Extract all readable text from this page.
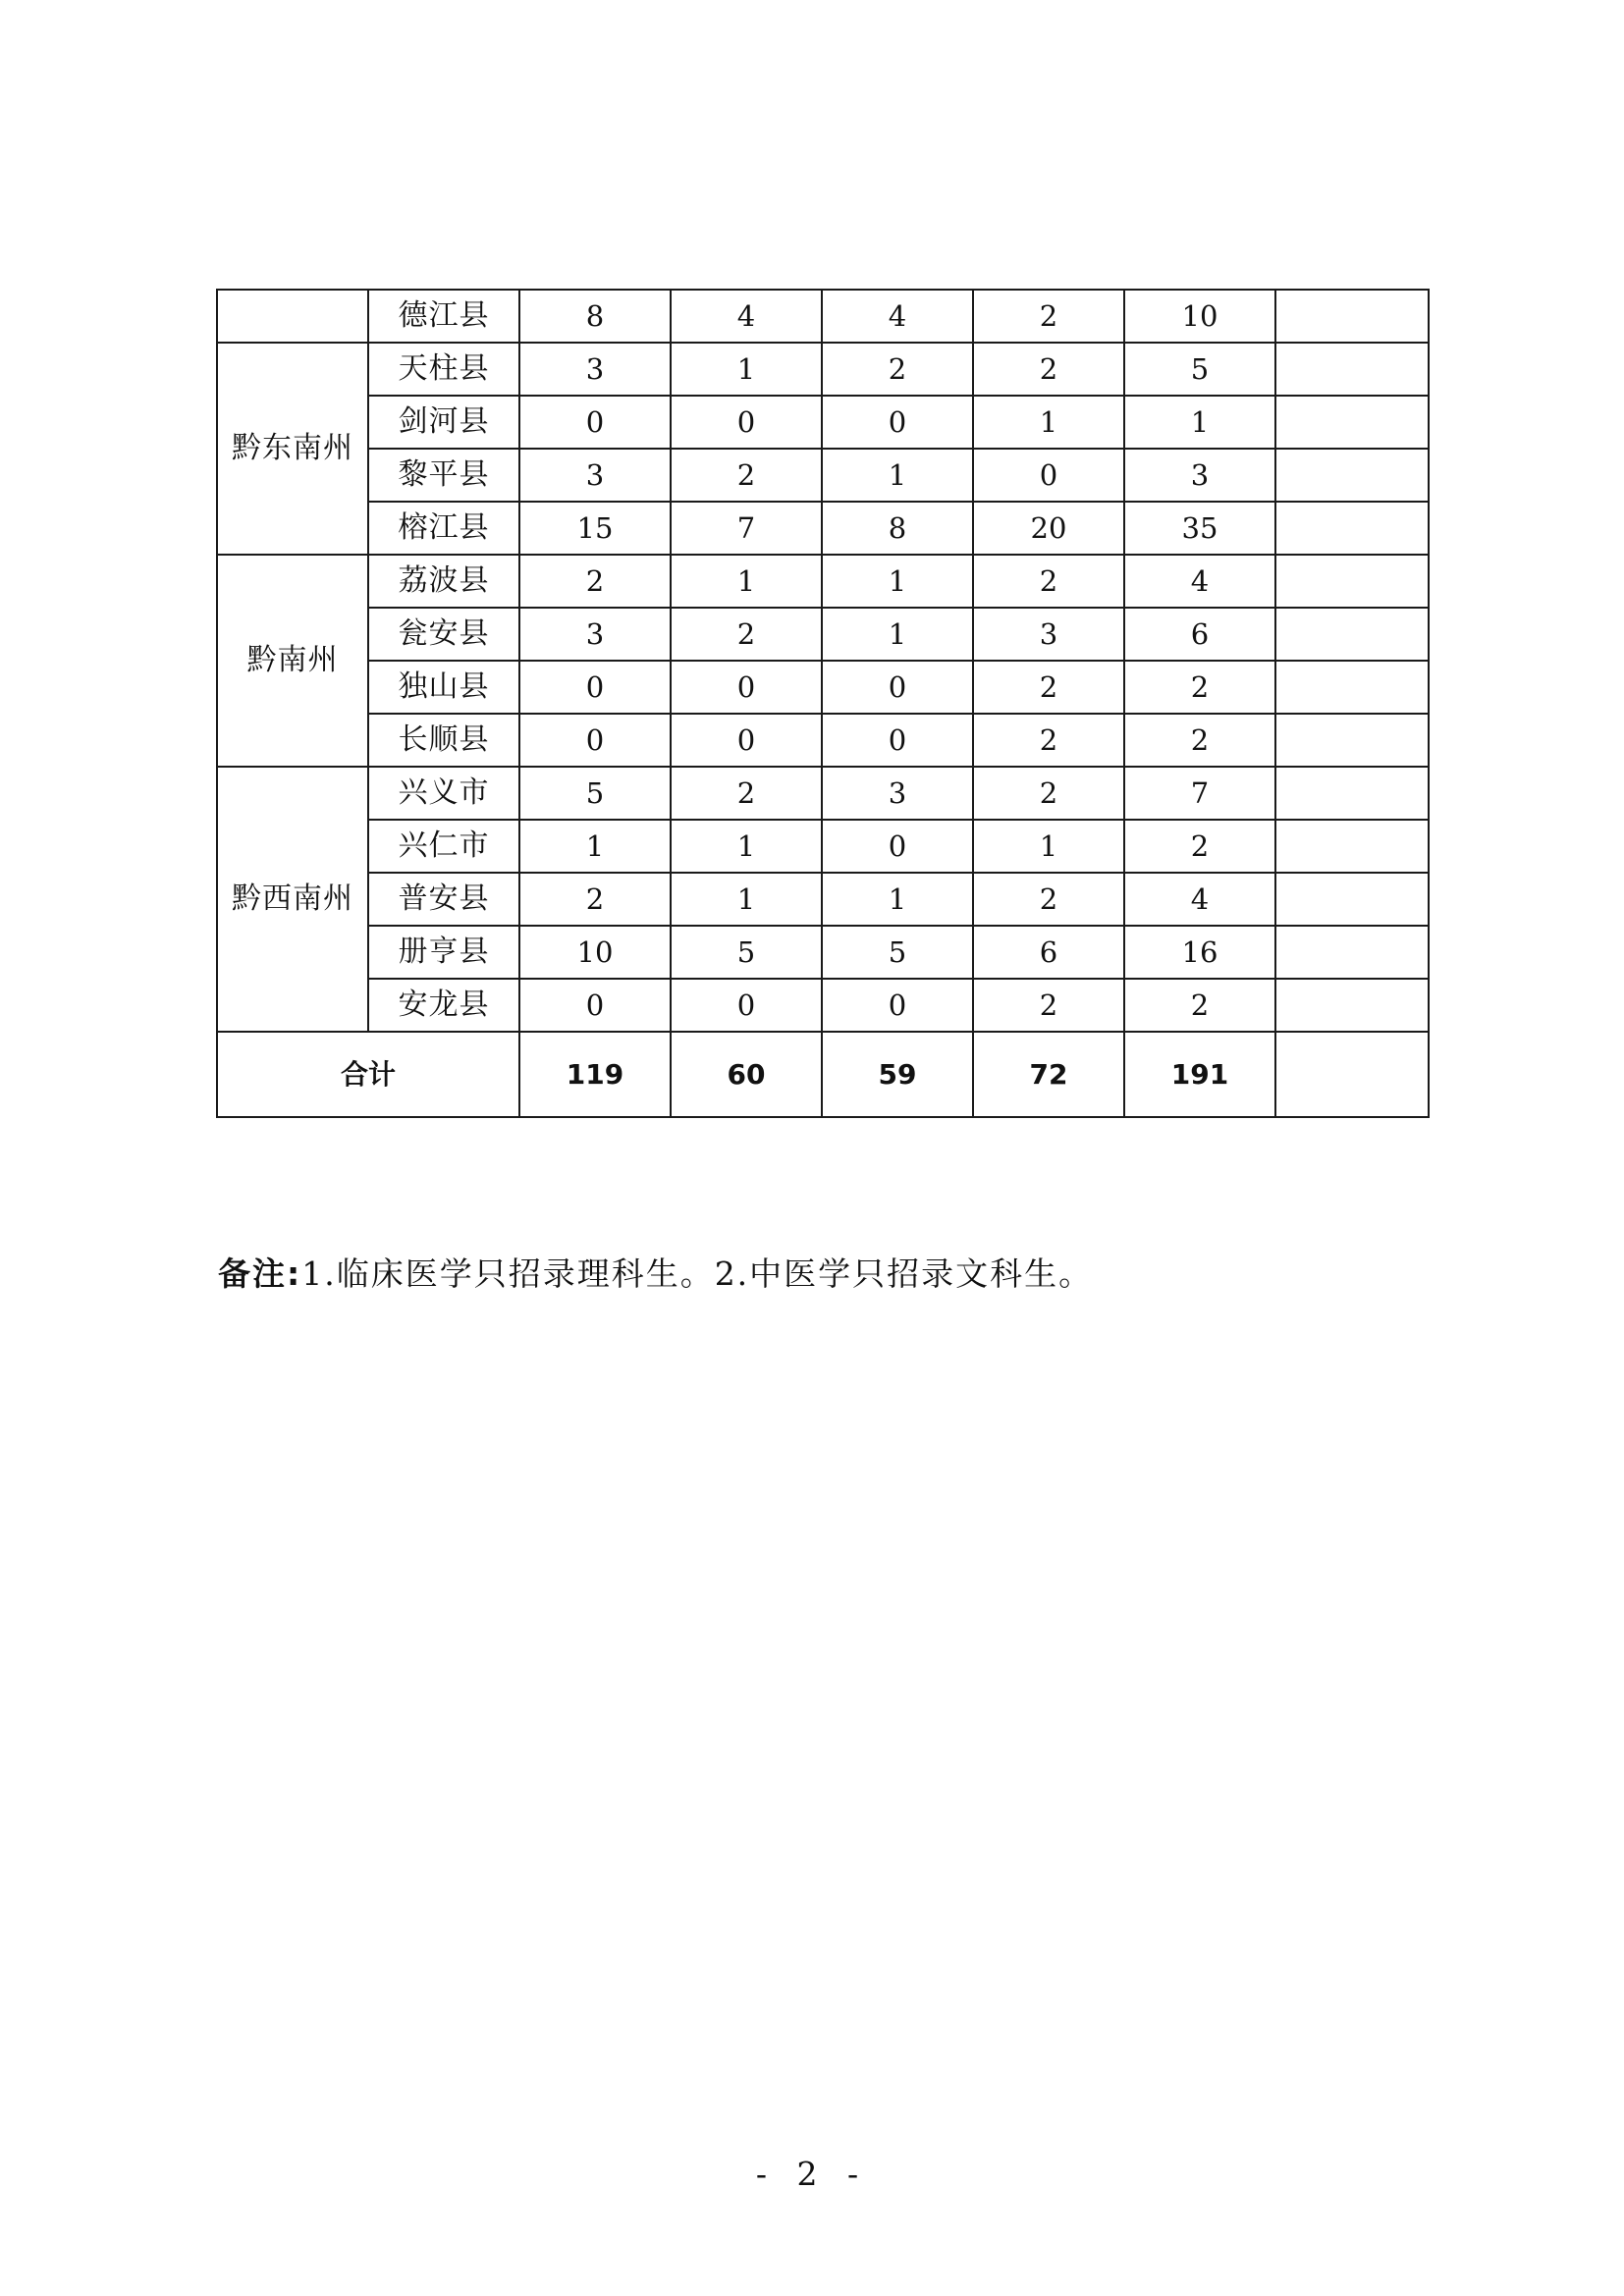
	德江县	8	4	4	2	10	
黔东南州	天柱县	3	1	2	2	5	
	剑河县	0	0	0	1	1	
	黎平县	3	2	1	0	3	
	榕江县	15	7	8	20	35	
黔南州	荔波县	2	1	1	2	4	
	瓮安县	3	2	1	3	6	
	独山县	0	0	0	2	2	
	长顺县	0	0	0	2	2	
黔西南州	兴义市	5	2	3	2	7	
	兴仁市	1	1	0	1	2	
	普安县	2	1	1	2	4	
	册亨县	10	5	5	6	16	
	安龙县	0	0	0	2	2	
合计		119	60	59	72	191	
备注:1.临床医学只招录理科生。2.中医学只招录文科生。
- 2 -
